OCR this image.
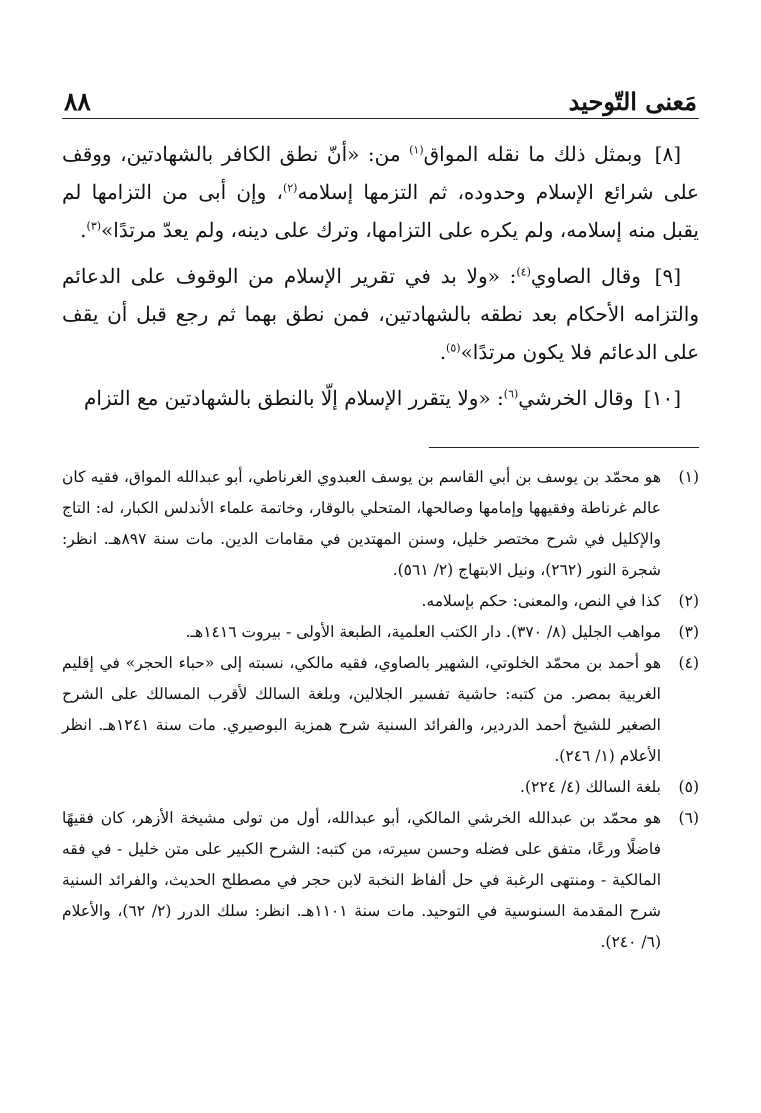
مَعنى التّوحيد
٨٨

[٨] وبمثل ذلك ما نقله المواق$^{(١)}$ من: «أنّ نطق الكافر بالشهادتين، ووقف على شرائع الإسلام وحدوده، ثم التزمها إسلامه$^{(٢)}$، وإن أبى من التزامها لم يقبل منه إسلامه، ولم يكره على التزامها، وترك على دينه، ولم يعدّ مرتدًا»$^{(٣)}$.

[٩] وقال الصاوي$^{(٤)}$: «ولا بد في تقرير الإسلام من الوقوف على الدعائم والتزامه الأحكام بعد نطقه بالشهادتين، فمن نطق بهما ثم رجع قبل أن يقف على الدعائم فلا يكون مرتدًا»$^{(٥)}$.

[١٠] وقال الخرشي$^{(٦)}$: «ولا يتقرر الإسلام إلّا بالنطق بالشهادتين مع التزام

(١)
هو محمّد بن يوسف بن أبي القاسم بن يوسف العبدوي الغرناطي، أبو عبدالله المواق، فقيه كان عالم غرناطة وفقيهها وإمامها وصالحها، المتحلي بالوقار، وخاتمة علماء الأندلس الكبار، له: التاج والإكليل في شرح مختصر خليل، وسنن المهتدين في مقامات الدين. مات سنة ٨٩٧هـ. انظر: شجرة النور (٢٦٢)، ونيل الابتهاج (٢/ ٥٦١).
(٢)
كذا في النص، والمعنى: حكم بإسلامه.
(٣)
مواهب الجليل (٨/ ٣٧٠). دار الكتب العلمية، الطبعة الأولى - بيروت ١٤١٦هـ.
(٤)
هو أحمد بن محمّد الخلوتي، الشهير بالصاوي، فقيه مالكي، نسبته إلى «حباء الحجر» في إقليم الغربية بمصر. من كتبه: حاشية تفسير الجلالين، وبلغة السالك لأقرب المسالك على الشرح الصغير للشيخ أحمد الدردير، والفرائد السنية شرح همزية البوصيري. مات سنة ١٢٤١هـ. انظر الأعلام (١/ ٢٤٦).
(٥)
بلغة السالك (٤/ ٢٢٤).
(٦)
هو محمّد بن عبدالله الخرشي المالكي، أبو عبدالله، أول من تولى مشيخة الأزهر، كان فقيهًا فاضلًا ورعًا، متفق على فضله وحسن سيرته، من كتبه: الشرح الكبير على متن خليل - في فقه المالكية - ومنتهى الرغبة في حل ألفاظ النخبة لابن حجر في مصطلح الحديث، والفرائد السنية شرح المقدمة السنوسية في التوحيد. مات سنة ١١٠١هـ. انظر: سلك الدرر (٢/ ٦٢)، والأعلام (٦/ ٢٤٠).
